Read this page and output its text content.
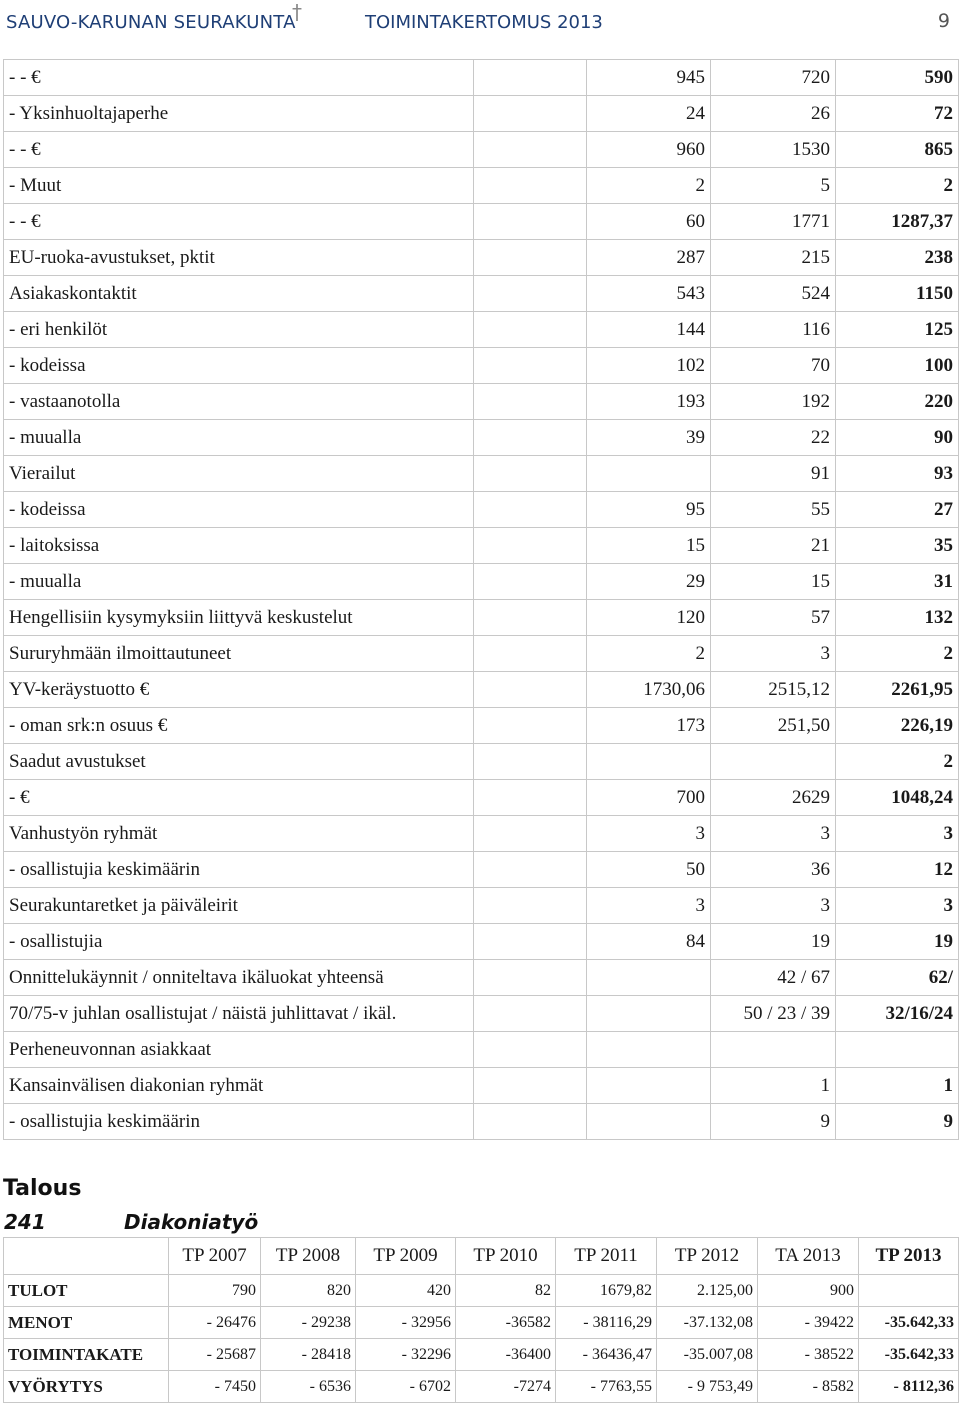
SAUVO-KARUNAN SEURAKUNTA
†	TOIMINTAKERTOMUS 2013	9
- - €		945	720	590
- Yksinhuoltajaperhe		24	26	72
- - €		960	1530	865
- Muut		2	5	2
- - €		60	1771	1287,37
EU-ruoka-avustukset, pktit		287	215	238
Asiakaskontaktit		543	524	1150
- eri henkilöt		144	116	125
- kodeissa		102	70	100
- vastaanotolla		193	192	220
- muualla		39	22	90
Vierailut			91	93
- kodeissa		95	55	27
- laitoksissa		15	21	35
- muualla		29	15	31
Hengellisiin kysymyksiin liittyvä keskustelut		120	57	132
Sururyhmään ilmoittautuneet		2	3	2
YV-keräystuotto €		1730,06	2515,12	2261,95
- oman srk:n osuus €		173	251,50	226,19
Saadut avustukset				2
- €		700	2629	1048,24
Vanhustyön ryhmät		3	3	3
- osallistujia keskimäärin		50	36	12
Seurakuntaretket ja päiväleirit		3	3	3
- osallistujia		84	19	19
Onnittelukäynnit / onniteltava ikäluokat yhteensä			42 / 67	62/
70/75-v juhlan osallistujat / näistä juhlittavat / ikäl.			50 / 23 / 39	32/16/24
Perheneuvonnan asiakkaat				
Kansainvälisen diakonian ryhmät			1	1
- osallistujia keskimäärin			9	9
Talous
241	Diakoniatyö
	TP 2007	TP 2008	TP 2009	TP 2010	TP 2011	TP 2012	TA 2013	TP 2013
TULOT	790	820	420	82	1679,82	2.125,00	900	
MENOT	- 26476	- 29238	- 32956	-36582	- 38116,29	-37.132,08	- 39422	-35.642,33
TOIMINTAKATE	- 25687	- 28418	- 32296	-36400	- 36436,47	-35.007,08	- 38522	-35.642,33
VYÖRYTYS	- 7450	- 6536	- 6702	-7274	- 7763,55	- 9 753,49	- 8582	- 8112,36
